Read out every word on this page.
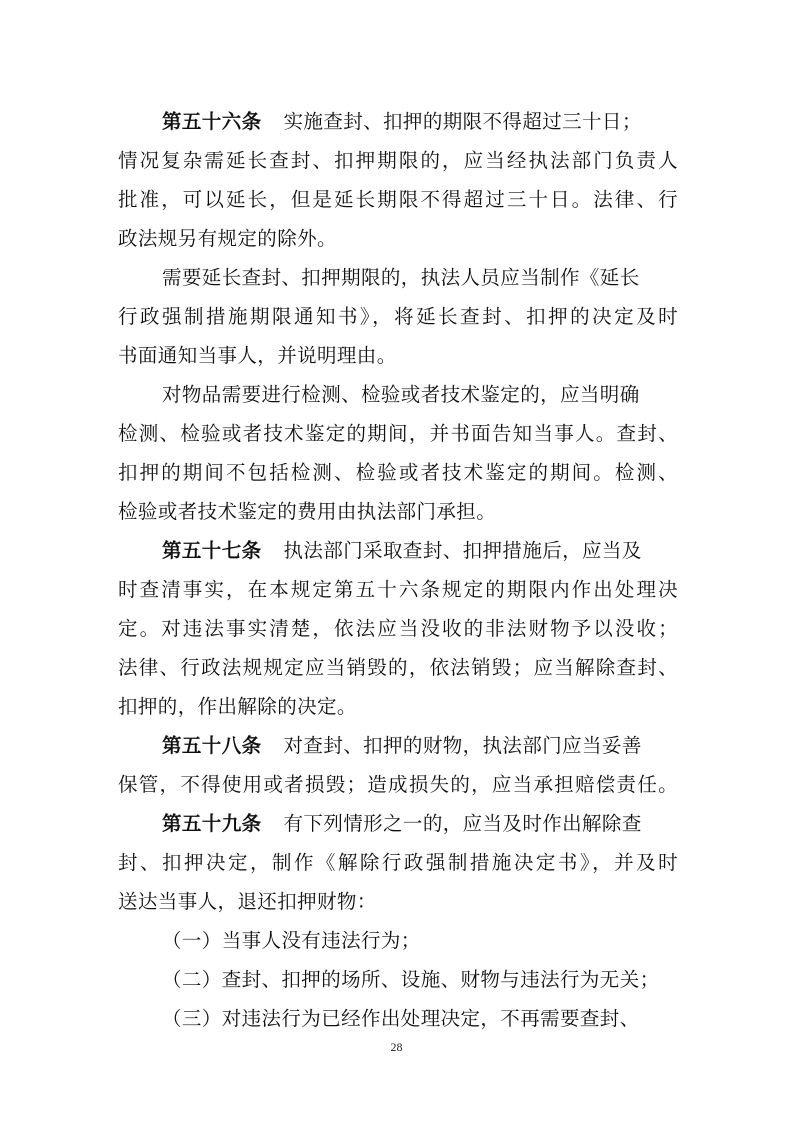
第五十六条 实施查封、扣押的期限不得超过三十日；
情况复杂需延长查封、扣押期限的，应当经执法部门负责人
批准，可以延长，但是延长期限不得超过三十日。法律、行
政法规另有规定的除外。
需要延长查封、扣押期限的，执法人员应当制作《延长
行政强制措施期限通知书》，将延长查封、扣押的决定及时
书面通知当事人，并说明理由。
对物品需要进行检测、检验或者技术鉴定的，应当明确
检测、检验或者技术鉴定的期间，并书面告知当事人。查封、
扣押的期间不包括检测、检验或者技术鉴定的期间。检测、
检验或者技术鉴定的费用由执法部门承担。
第五十七条 执法部门采取查封、扣押措施后，应当及
时查清事实，在本规定第五十六条规定的期限内作出处理决
定。对违法事实清楚，依法应当没收的非法财物予以没收；
法律、行政法规规定应当销毁的，依法销毁；应当解除查封、
扣押的，作出解除的决定。
第五十八条 对查封、扣押的财物，执法部门应当妥善
保管，不得使用或者损毁；造成损失的，应当承担赔偿责任。
第五十九条 有下列情形之一的，应当及时作出解除查
封、扣押决定，制作《解除行政强制措施决定书》，并及时
送达当事人，退还扣押财物：
（一）当事人没有违法行为；
（二）查封、扣押的场所、设施、财物与违法行为无关；
（三）对违法行为已经作出处理决定，不再需要查封、
28
